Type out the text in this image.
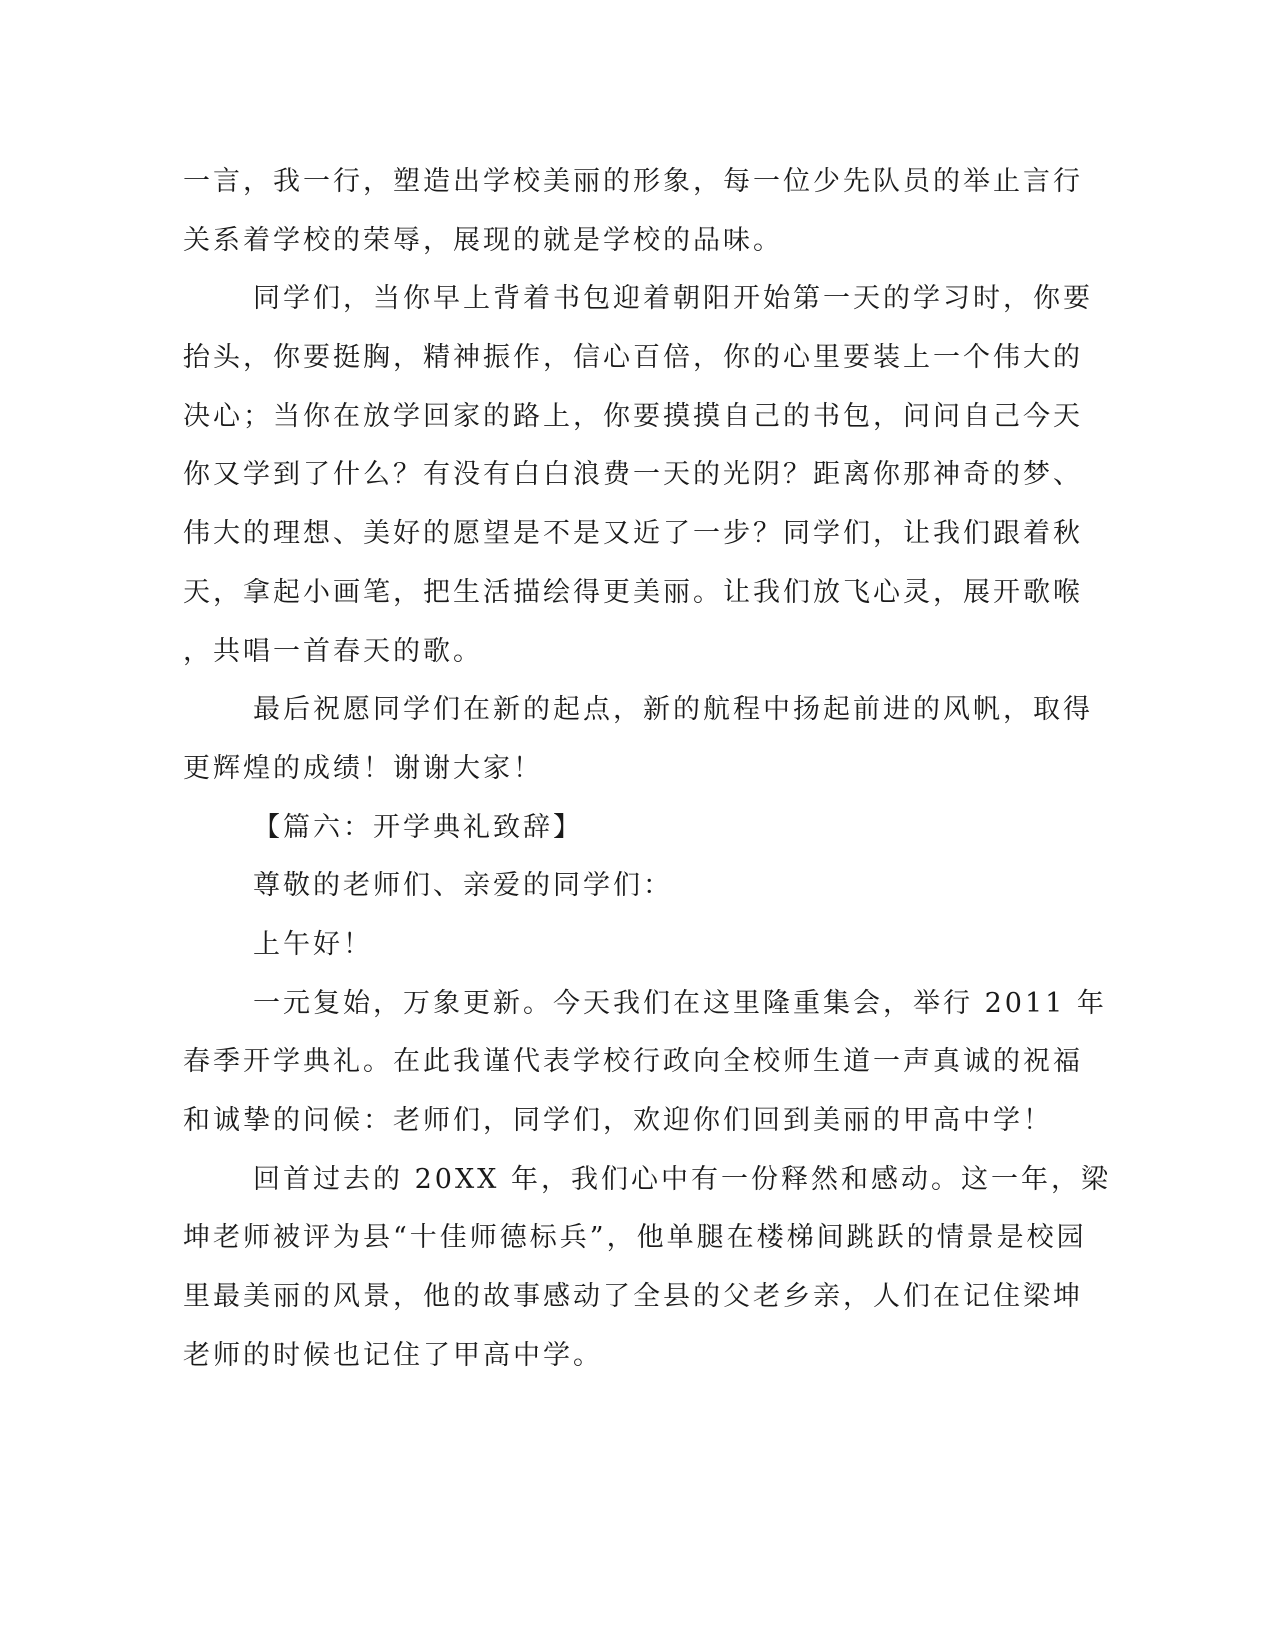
一言，我一行，塑造出学校美丽的形象，每一位少先队员的举止言行
关系着学校的荣辱，展现的就是学校的品味。
同学们，当你早上背着书包迎着朝阳开始第一天的学习时，你要
抬头，你要挺胸，精神振作，信心百倍，你的心里要装上一个伟大的
决心；当你在放学回家的路上，你要摸摸自己的书包，问问自己今天
你又学到了什么？有没有白白浪费一天的光阴？距离你那神奇的梦、
伟大的理想、美好的愿望是不是又近了一步？同学们，让我们跟着秋
天，拿起小画笔，把生活描绘得更美丽。让我们放飞心灵，展开歌喉
，共唱一首春天的歌。
最后祝愿同学们在新的起点，新的航程中扬起前进的风帆，取得
更辉煌的成绩！谢谢大家！
【篇六：开学典礼致辞】
尊敬的老师们、亲爱的同学们：
上午好！
一元复始，万象更新。今天我们在这里隆重集会，举行 2011 年
春季开学典礼。在此我谨代表学校行政向全校师生道一声真诚的祝福
和诚挚的问候：老师们，同学们，欢迎你们回到美丽的甲高中学！
回首过去的 20XX 年，我们心中有一份释然和感动。这一年，梁
坤老师被评为县“十佳师德标兵”，他单腿在楼梯间跳跃的情景是校园
里最美丽的风景，他的故事感动了全县的父老乡亲，人们在记住梁坤
老师的时候也记住了甲高中学。
